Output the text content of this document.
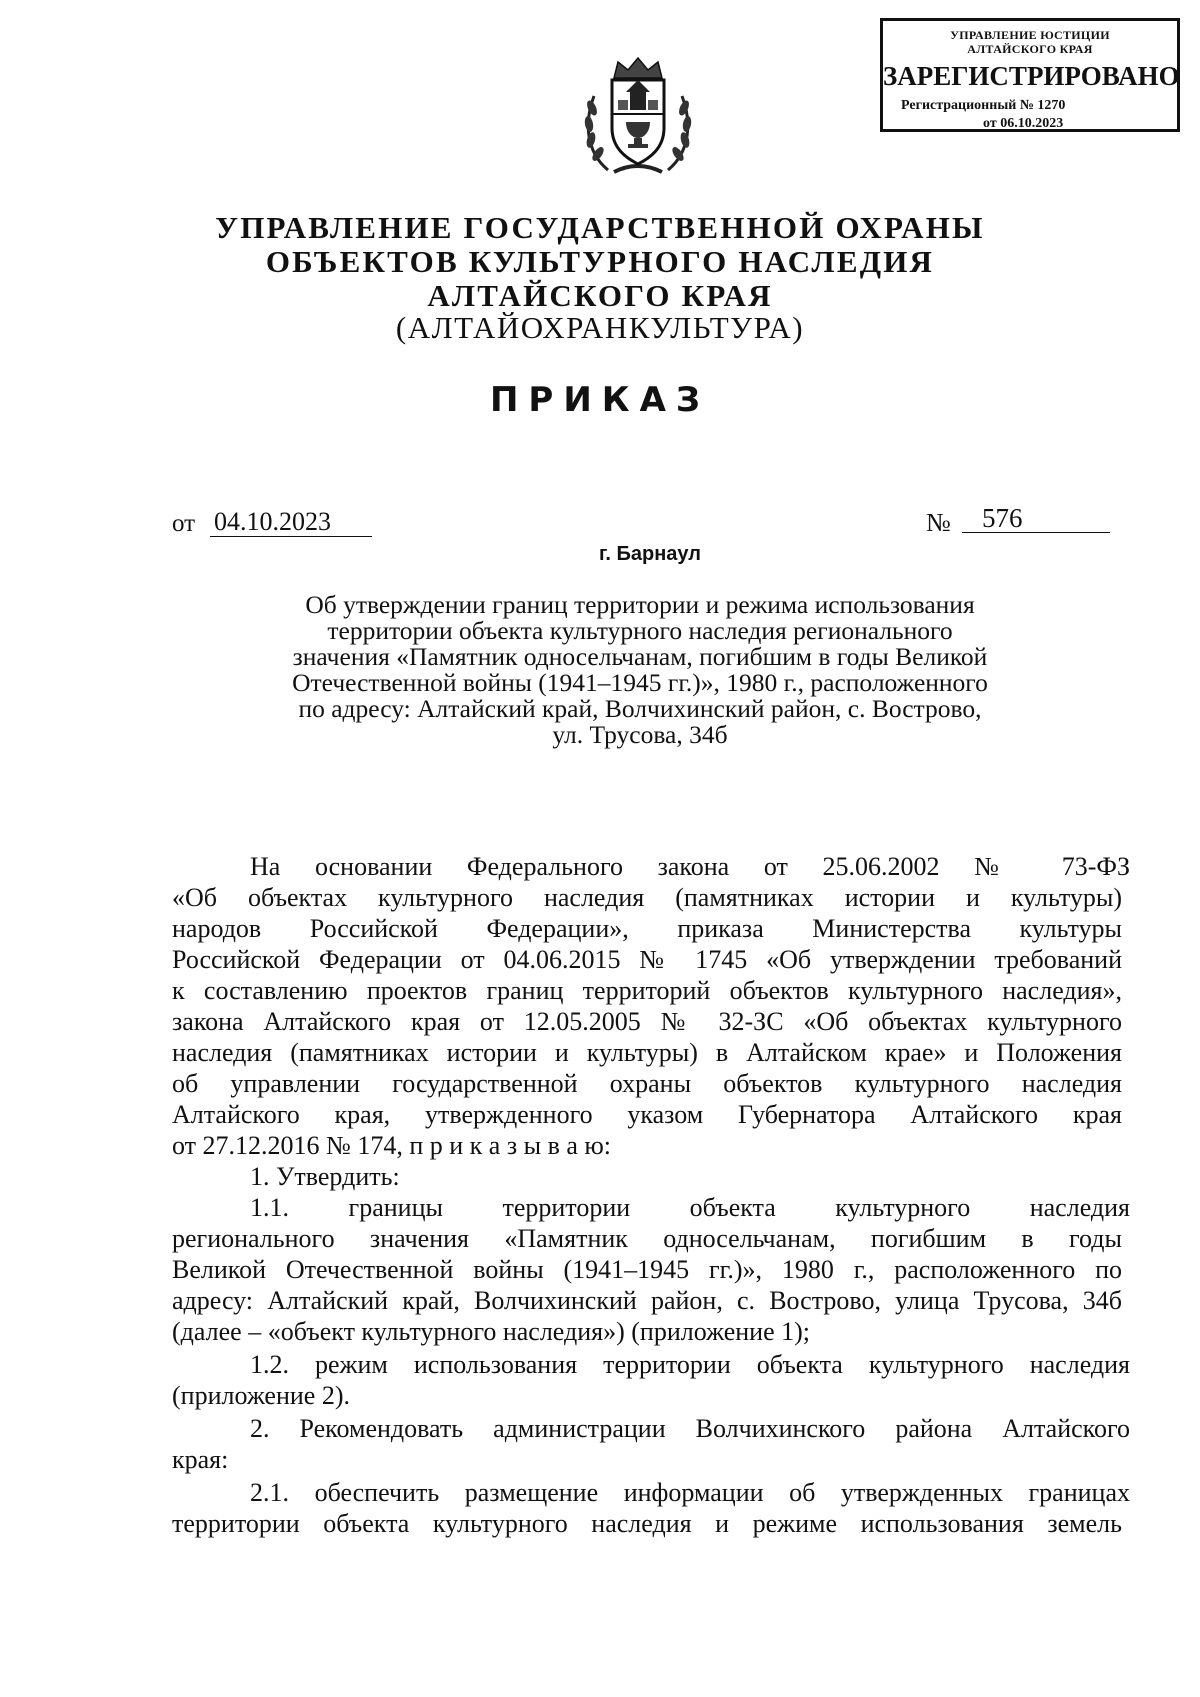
УПРАВЛЕНИЕ ЮСТИЦИИ
АЛТАЙСКОГО КРАЯ
ЗАРЕГИСТРИРОВАНО
Регистрационный № 1270
от 06.10.2023
УПРАВЛЕНИЕ ГОСУДАРСТВЕННОЙ ОХРАНЫ
ОБЪЕКТОВ КУЛЬТУРНОГО НАСЛЕДИЯ
АЛТАЙСКОГО КРАЯ
(АЛТАЙОХРАНКУЛЬТУРА)
ПРИКАЗ
от 04.10.2023	№	576
г. Барнаул
Об утверждении границ территории и режима использования
территории объекта культурного наследия регионального
значения «Памятник односельчанам, погибшим в годы Великой
Отечественной войны (1941–1945 гг.)», 1980 г., расположенного
по адресу: Алтайский край, Волчихинский район, с. Вострово,
ул. Трусова, 34б
На основании Федерального закона от 25.06.2002 № 73-ФЗ
«Об объектах культурного наследия (памятниках истории и культуры)
народов Российской Федерации», приказа Министерства культуры
Российской Федерации от 04.06.2015 № 1745 «Об утверждении требований
к составлению проектов границ территорий объектов культурного наследия»,
закона Алтайского края от 12.05.2005 № 32-ЗС «Об объектах культурного
наследия (памятниках истории и культуры) в Алтайском крае» и Положения
об управлении государственной охраны объектов культурного наследия
Алтайского края, утвержденного указом Губернатора Алтайского края
от 27.12.2016 № 174, п р и к а з ы в а ю:
1. Утвердить:
1.1. границы территории объекта культурного наследия
регионального значения «Памятник односельчанам, погибшим в годы
Великой Отечественной войны (1941–1945 гг.)», 1980 г., расположенного по
адресу: Алтайский край, Волчихинский район, с. Вострово, улица Трусова, 34б
(далее – «объект культурного наследия») (приложение 1);
1.2. режим использования территории объекта культурного наследия
(приложение 2).
2. Рекомендовать администрации Волчихинского района Алтайского
края:
2.1. обеспечить размещение информации об утвержденных границах
территории объекта культурного наследия и режиме использования земель
